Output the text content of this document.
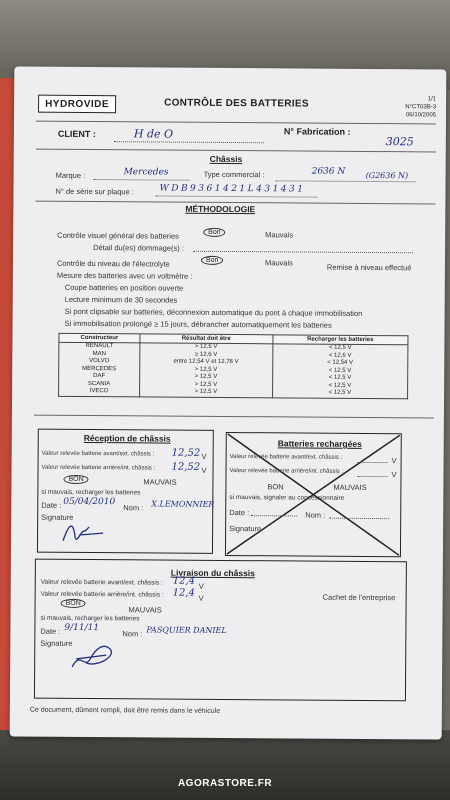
HYDROVIDE	CONTRÔLE DES BATTERIES	1/1
N°CT03B-3
06/10/2005
CLIENT :	H de O	N° Fabrication :
3025
Châssis
Marque :	Mercedes	Type commercial :	2636 N	(G2636 N)
N° de série sur plaque :	WDB9361421L431431
MÉTHODOLOGIE
Contrôle visuel général des batteries	Bon	Mauvais
Détail du(es) dommage(s) :
Contrôle du niveau de l'électrolyte	Bon	Mauvais	Remise à niveau effectué
Mesure des batteries avec un voltmètre :
Coupe batteries en position ouverte
Lecture minimum de 30 secondes
Si pont clipsable sur batteries, déconnexion automatique du pont à chaque immobilisation
Si immobilisation prolongé ≥ 15 jours, débrancher automatiquement les batteries
Constructeur	Résultat doit être	Recharger les batteries
RENAULT	> 12,5 V	< 12,5 V
MAN	≥ 12,6 V	< 12,6 V
VOLVO	entre 12,54 V et 12,78 V	< 12,54 V
MERCEDES	> 12,5 V	< 12,5 V
DAF	> 12,5 V	< 12,5 V
SCANIA	> 12,5 V	< 12,5 V
IVECO	> 12,5 V	< 12,5 V
Réception de châssis
Valeur relevée batterie avant/ext. châssis : 12,52 V
Valeur relevée batterie arrière/int. châssis : 12,52 V
BON	MAUVAIS
si mauvais, recharger les batteries
Date : 05/04/2010
Nom : X.LEMONNIER
Signature
Batteries rechargées
Valeur relevée batterie avant/ext. châssis :	V
Valeur relevée batterie arrière/int. châssis :	V
BON	MAUVAIS
si mauvais, signaler au concessionnaire
Date :	Nom :
Signature
Livraison du châssis
Valeur relevée batterie avant/ext. châssis : 12,4 V
Cachet de l'entreprise
Valeur relevée batterie arrière/int. châssis : 12,4 V
BON
MAUVAIS
si mauvais, recharger les batteries
Date : 9/11/11
Nom : PASQUIER DANIEL
Signature
Ce document, dûment rempli, doit être remis dans le véhicule
AGORASTORE.FR
